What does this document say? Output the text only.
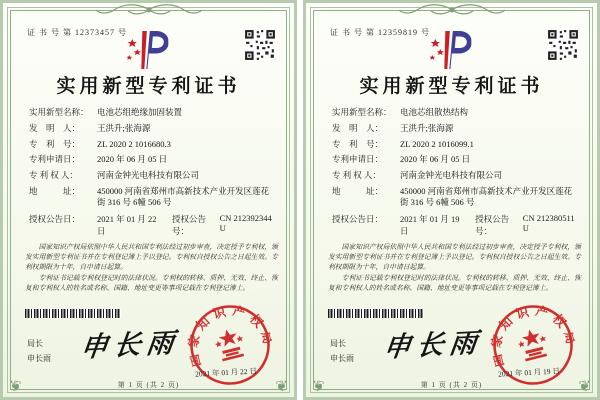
❦	❦
证 书 号 第 12373457 号
实用新型专利证书
实用新型名称： 电池芯组绝缘加固装置
发　明　人：	王洪升;张海源
专　利　号：	ZL 2020 2 1016680.3
专利申请日：	2020 年 06 月 05 日
专 利 权 人：	河南金钟光电科技有限公司
地　　　址：	450000 河南省郑州市高新技术产业开发区莲花街 316 号 6幢 506 号
授权公告日：	2021 年 01 月 22 日
授权公告号：
CN 212392344 U

国家知识产权局依照中华人民共和国专利法经过初步审查，决定授予专利权，颁发实用新型专利证书并在专利登记簿上予以登记。专利权自授权公告之日起生效。专利权期限为十年，自申请日起算。

专利证书记载专利权登记时的法律状况。专利权的转移、质押、无效、终止、恢复和专利权人的姓名或名称、国籍、地址变更等事项记载在专利登记簿上。

局长
申长雨 申长雨 国家知识产权局
2021 年 01 月 22 日
第 1 页 (共 2 页)	❦	❦
证 书 号 第 12359819 号
实用新型专利证书
实用新型名称： 电池芯组散热结构
发　明　人：	王洪升;张海源
专　利　号：	ZL 2020 2 1016099.1
专利申请日：	2020 年 06 月 05 日
专 利 权 人：	河南金钟光电科技有限公司
地　　　址：	450000 河南省郑州市高新技术产业开发区莲花街 316 号 6幢 506 号
授权公告日：	2021 年 01 月 19 日
授权公告号：
CN 212380511 U

国家知识产权局依照中华人民共和国专利法经过初步审查，决定授予专利权，颁发实用新型专利证书并在专利登记簿上予以登记。专利权自授权公告之日起生效。专利权期限为十年，自申请日起算。

专利证书记载专利权登记时的法律状况。专利权的转移、质押、无效、终止、恢复和专利权人的姓名或名称、国籍、地址变更等事项记载在专利登记簿上。

局长
申长雨 申长雨 国家知识产权局
2021 年 01 月 19 日
第 1 页 (共 2 页)
